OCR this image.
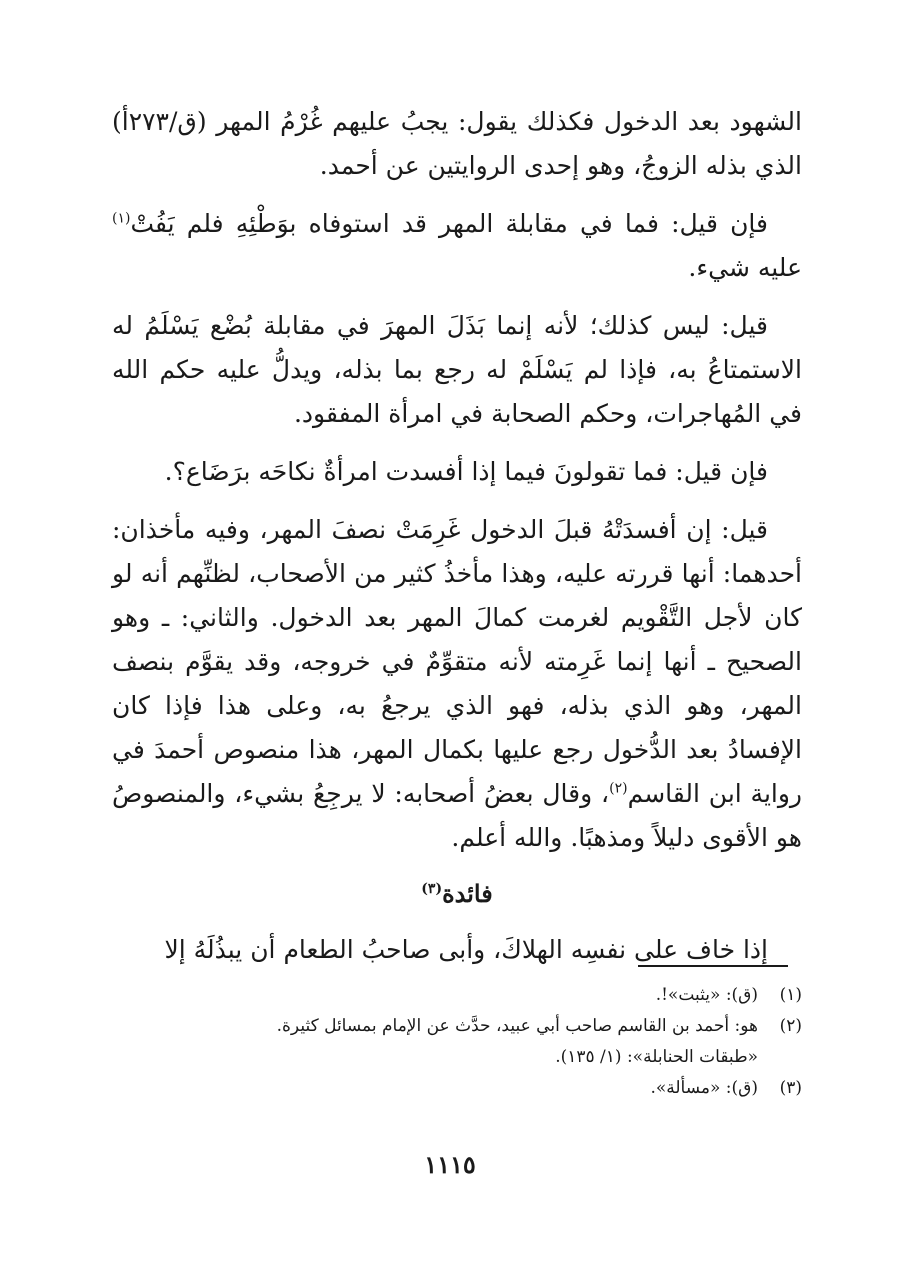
الشهود بعد الدخول فكذلك يقول: يجبُ عليهم غُرْمُ المهر (ق/٢٧٣أ) الذي بذله الزوجُ، وهو إحدى الروايتين عن أحمد.

فإن قيل: فما في مقابلة المهر قد استوفاه بوَطْئِهِ فلم يَفُتْ$^{(١)}$ عليه شيء.

قيل: ليس كذلك؛ لأنه إنما بَذَلَ المهرَ في مقابلة بُضْع يَسْلَمُ له الاستمتاعُ به، فإذا لم يَسْلَمْ له رجع بما بذله، ويدلُّ عليه حكم الله في المُهاجرات، وحكم الصحابة في امرأة المفقود.

فإن قيل: فما تقولونَ فيما إذا أفسدت امرأةٌ نكاحَه برَضَاع؟.

قيل: إن أفسدَتْهُ قبلَ الدخول غَرِمَتْ نصفَ المهر، وفيه مأخذان: أحدهما: أنها قررته عليه، وهذا مأخذُ كثير من الأصحاب، لظنِّهم أنه لو كان لأجل التَّقْويم لغرمت كمالَ المهر بعد الدخول. والثاني: ـ وهو الصحيح ـ أنها إنما غَرِمته لأنه متقوِّمٌ في خروجه، وقد يقوَّم بنصف المهر، وهو الذي بذله، فهو الذي يرجعُ به، وعلى هذا فإذا كان الإفسادُ بعد الدُّخول رجع عليها بكمال المهر، هذا منصوص أحمدَ في رواية ابن القاسم$^{(٢)}$، وقال بعضُ أصحابه: لا يرجِعُ بشيء، والمنصوصُ هو الأقوى دليلاً ومذهبًا. والله أعلم.

فائدة$^{(٣)}$

إذا خاف على نفسِه الهلاكَ، وأبى صاحبُ الطعام أن يبذُلَهُ إلا

(١)
(ق): «يثبت»!.

(٢)
هو: أحمد بن القاسم صاحب أبي عبيد، حدَّث عن الإمام بمسائل كثيرة.
«طبقات الحنابلة»: (١/ ١٣٥).

(٣)
(ق): «مسألة».

١١١٥
